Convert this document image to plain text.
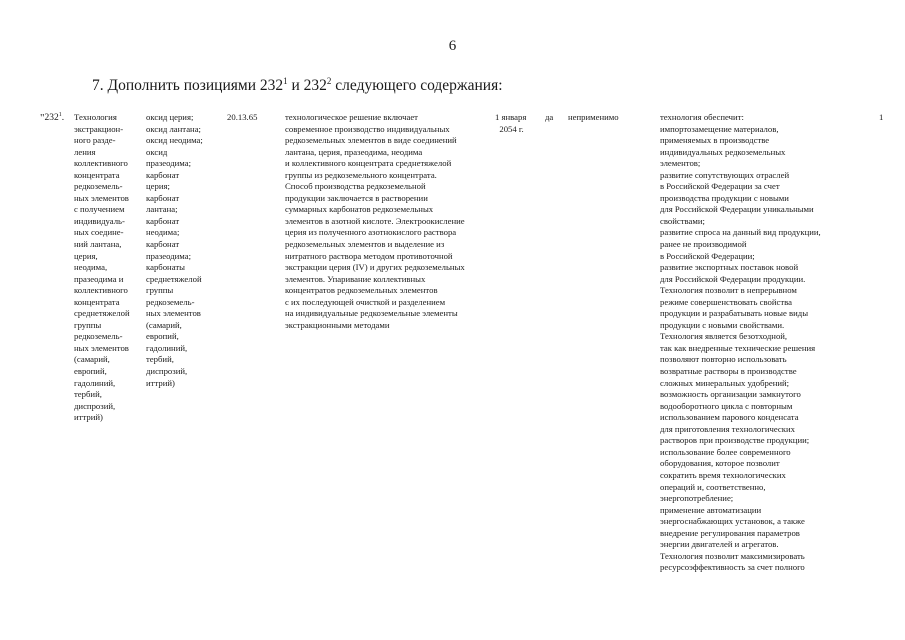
6
7. Дополнить позициями $232^1$ и $232^2$ следующего содержания:
"$232^1$. Технология
экстракцион-
ного разде-
ления
коллективного
концентрата
редкоземель-
ных элементов
с получением
индивидуаль-
ных соедине-
ний лантана,
церия,
неодима,
празеодима и
коллективного
концентрата
среднетяжелой
группы
редкоземель-
ных элементов
(самарий,
европий,
гадолиний,
тербий,
диспрозий,
иттрий)
оксид церия;
оксид лантана;
оксид неодима;
оксид
празеодима;
карбонат
церия;
карбонат
лантана;
карбонат
неодима;
карбонат
празеодима;
карбонаты
среднетяжелой
группы
редкоземель-
ных элементов
(самарий,
европий,
гадолиний,
тербий,
диспрозий,
иттрий)
20.13.65	технологическое решение включает
современное производство индивидуальных
редкоземельных элементов в виде соединений
лантана, церия, празеодима, неодима
и коллективного концентрата среднетяжелой
группы из редкоземельного концентрата.
Способ производства редкоземельной
продукции заключается в растворении
суммарных карбонатов редкоземельных
элементов в азотной кислоте. Электроокисление
церия из полученного азотнокислого раствора
редкоземельных элементов и выделение из
нитратного раствора методом противоточной
экстракции церия (IV) и других редкоземельных
элементов. Упаривание коллективных
концентратов редкоземельных элементов
с их последующей очисткой и разделением
на индивидуальные редкоземельные элементы
экстракционными методами
1 января
2054 г.
да неприменимо	технология обеспечит:
импортозамещение материалов,
применяемых в производстве
индивидуальных редкоземельных
элементов;
развитие сопутствующих отраслей
в Российской Федерации за счет
производства продукции с новыми
для Российской Федерации уникальными
свойствами;
развитие спроса на данный вид продукции,
ранее не производимой
в Российской Федерации;
развитие экспортных поставок новой
для Российской Федерации продукции.
Технология позволит в непрерывном
режиме совершенствовать свойства
продукции и разрабатывать новые виды
продукции с новыми свойствами.
Технология является безотходной,
так как внедренные технические решения
позволяют повторно использовать
возвратные растворы в производстве
сложных минеральных удобрений;
возможность организации замкнутого
водооборотного цикла с повторным
использованием парового конденсата
для приготовления технологических
растворов при производстве продукции;
использование более современного
оборудования, которое позволит
сократить время технологических
операций и, соответственно,
энергопотребление;
применение автоматизации
энергоснабжающих установок, а также
внедрение регулирования параметров
энергии двигателей и агрегатов.
Технология позволит максимизировать
ресурсоэффективность за счет полного
1
